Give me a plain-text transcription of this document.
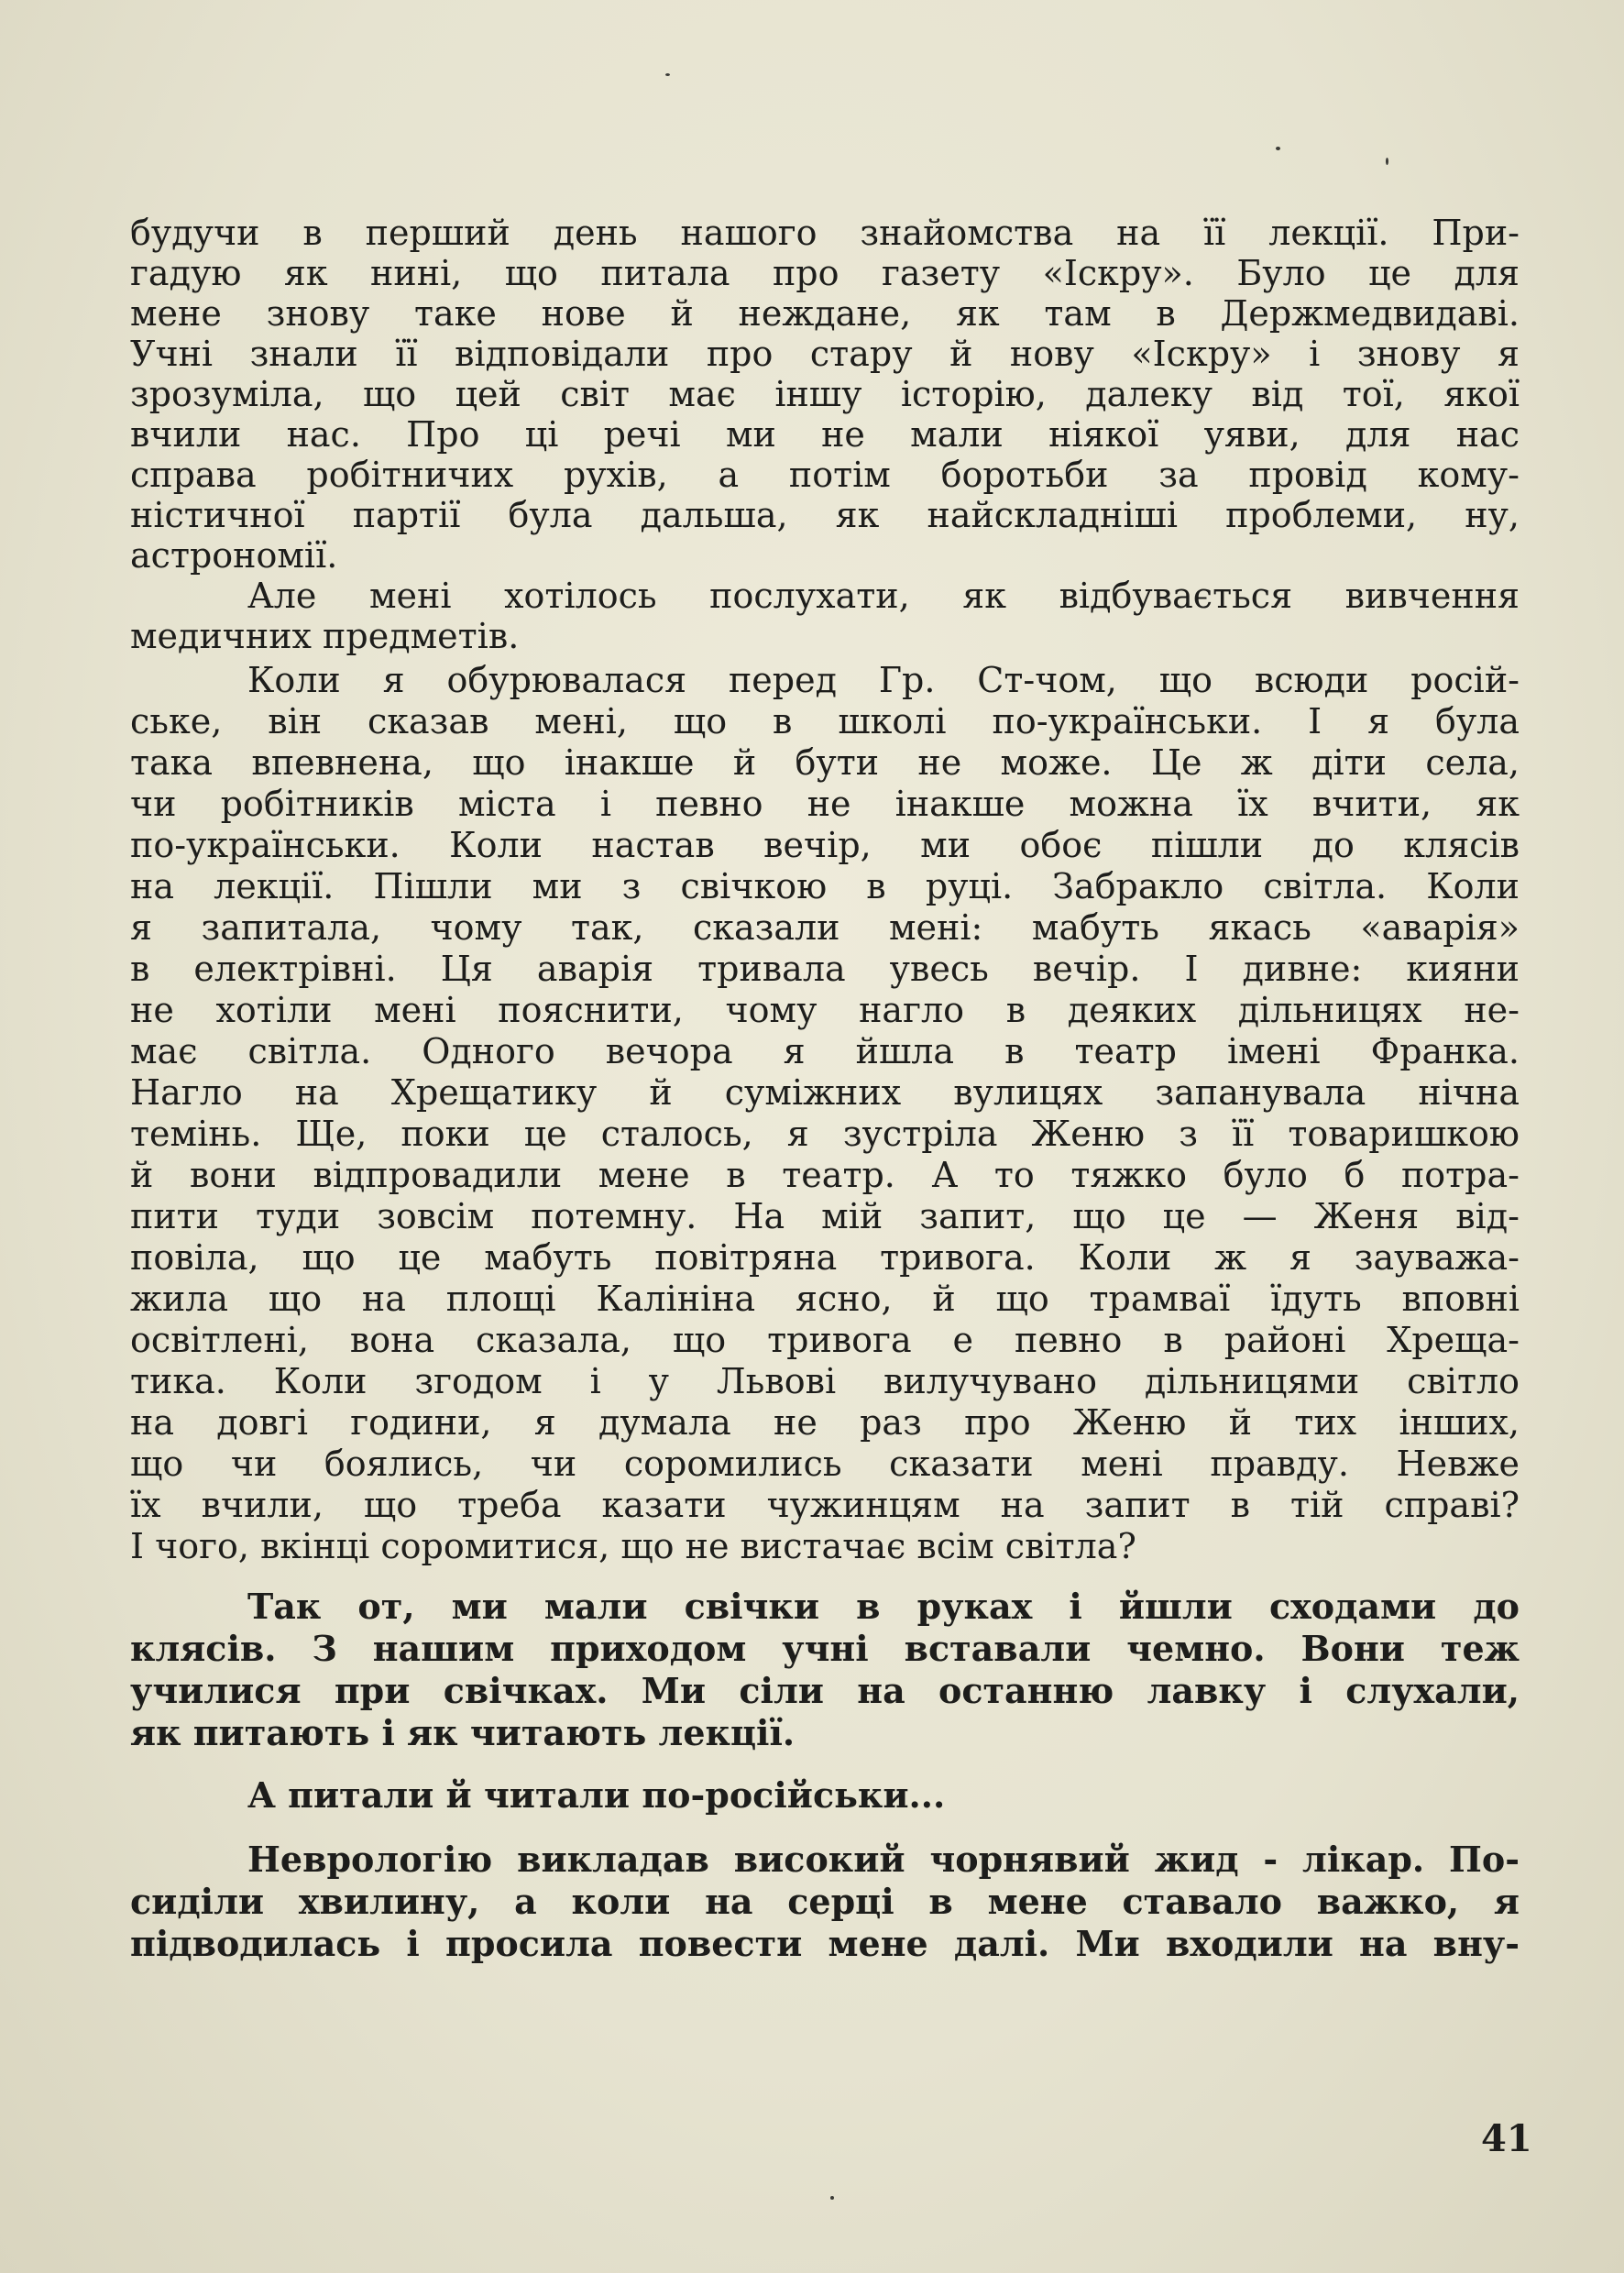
будучи в перший день нашого знайомства на її лекції. При-
гадую як нині, що питала про газету «Іскру». Було це для
мене знову таке нове й нежданe, як там в Держмедвидаві.
Учні знали її відповідали про стару й нову «Іскру» і знову я
зрозуміла, що цей світ має іншу історію, далеку від тої, якої
вчили нас. Про ці речі ми не мали ніякої уяви, для нас
справа робітничих рухів, а потім боротьби за провід кому-
ністичної партії була дальша, як найскладніші проблеми, ну,
астрономії.

Але мені хотілось послухати, як відбувається вивчення
медичних предметів.

Коли я обурювалася перед Гр. Ст-чом, що всюди росій-
ське, він сказав мені, що в школі по-українськи. І я була
така впевнена, що інакше й бути не може. Це ж діти села,
чи робітників міста і певно не інакше можна їх вчити, як
по-українськи. Коли настав вечір, ми обоє пішли до клясів
на лекції. Пішли ми з свічкою в руці. Забракло світла. Коли
я запитала, чому так, сказали мені: мабуть якась «аварія»
в електрівні. Ця аварія тривала увесь вечір. І дивне: кияни
не хотіли мені пояснити, чому нагло в деяких дільницях не-
має світла. Одного вечора я йшла в театр імені Франка.
Нагло на Хрещатику й суміжних вулицях запанувала нічна
темінь. Ще, поки це сталось, я зустріла Женю з її товаришкою
й вони відпровадили мене в театр. А то тяжко було б потра-
пити туди зовсім потемну. На мій запит, що це — Женя від-
повіла, що це мабуть повітряна тривога. Коли ж я зауважа-
жила що на площі Калініна ясно, й що трамваї їдуть вповні
освітлені, вона сказала, що тривога е певно в районі Хреща-
тика. Коли згодом і у Львові вилучувано дільницями світло
на довгі години, я думала не раз про Женю й тих інших,
що чи боялись, чи соромились сказати мені правду. Невже
їх вчили, що треба казати чужинцям на запит в тій справі?
І чого, вкінці соромитися, що не вистачає всім світла?

Так от, ми мали свічки в руках і йшли сходами до
клясів. З нашим приходом учні вставали чемно. Вони теж
училися при свічках. Ми сіли на останню лавку і слухали,
як питають і як читають лекції.

А питали й читали по-російськи...

Неврологію викладав високий чорнявий жид - лікар. По-
сиділи хвилину, а коли на серці в мене ставало важко, я
підводилась і просила повести мене далі. Ми входили на вну-

41
